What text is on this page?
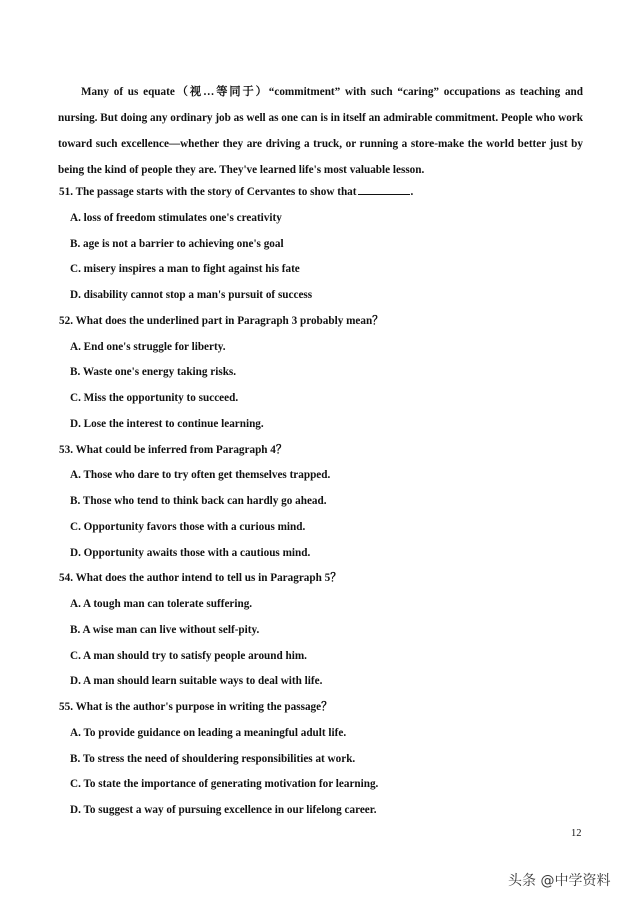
Many of us equate（视…等同于）“commitment” with such “caring” occupations as teaching and nursing. But doing any ordinary job as well as one can is in itself an admirable commitment. People who work toward such excellence—whether they are driving a truck, or running a store-make the world better just by being the kind of people they are. They've learned life's most valuable lesson.

51. The passage starts with the story of Cervantes to show that	.
A. loss of freedom stimulates one's creativity
B. age is not a barrier to achieving one's goal
C. misery inspires a man to fight against his fate
D. disability cannot stop a man's pursuit of success
52. What does the underlined part in Paragraph 3 probably mean？
A. End one's struggle for liberty.
B. Waste one's energy taking risks.
C. Miss the opportunity to succeed.
D. Lose the interest to continue learning.
53. What could be inferred from Paragraph 4？
A. Those who dare to try often get themselves trapped.
B. Those who tend to think back can hardly go ahead.
C. Opportunity favors those with a curious mind.
D. Opportunity awaits those with a cautious mind.
54. What does the author intend to tell us in Paragraph 5？
A. A tough man can tolerate suffering.
B. A wise man can live without self-pity.
C. A man should try to satisfy people around him.
D. A man should learn suitable ways to deal with life.
55. What is the author's purpose in writing the passage？
A. To provide guidance on leading a meaningful adult life.
B. To stress the need of shouldering responsibilities at work.
C. To state the importance of generating motivation for learning.
D. To suggest a way of pursuing excellence in our lifelong career.
12
头条 @中学资料
